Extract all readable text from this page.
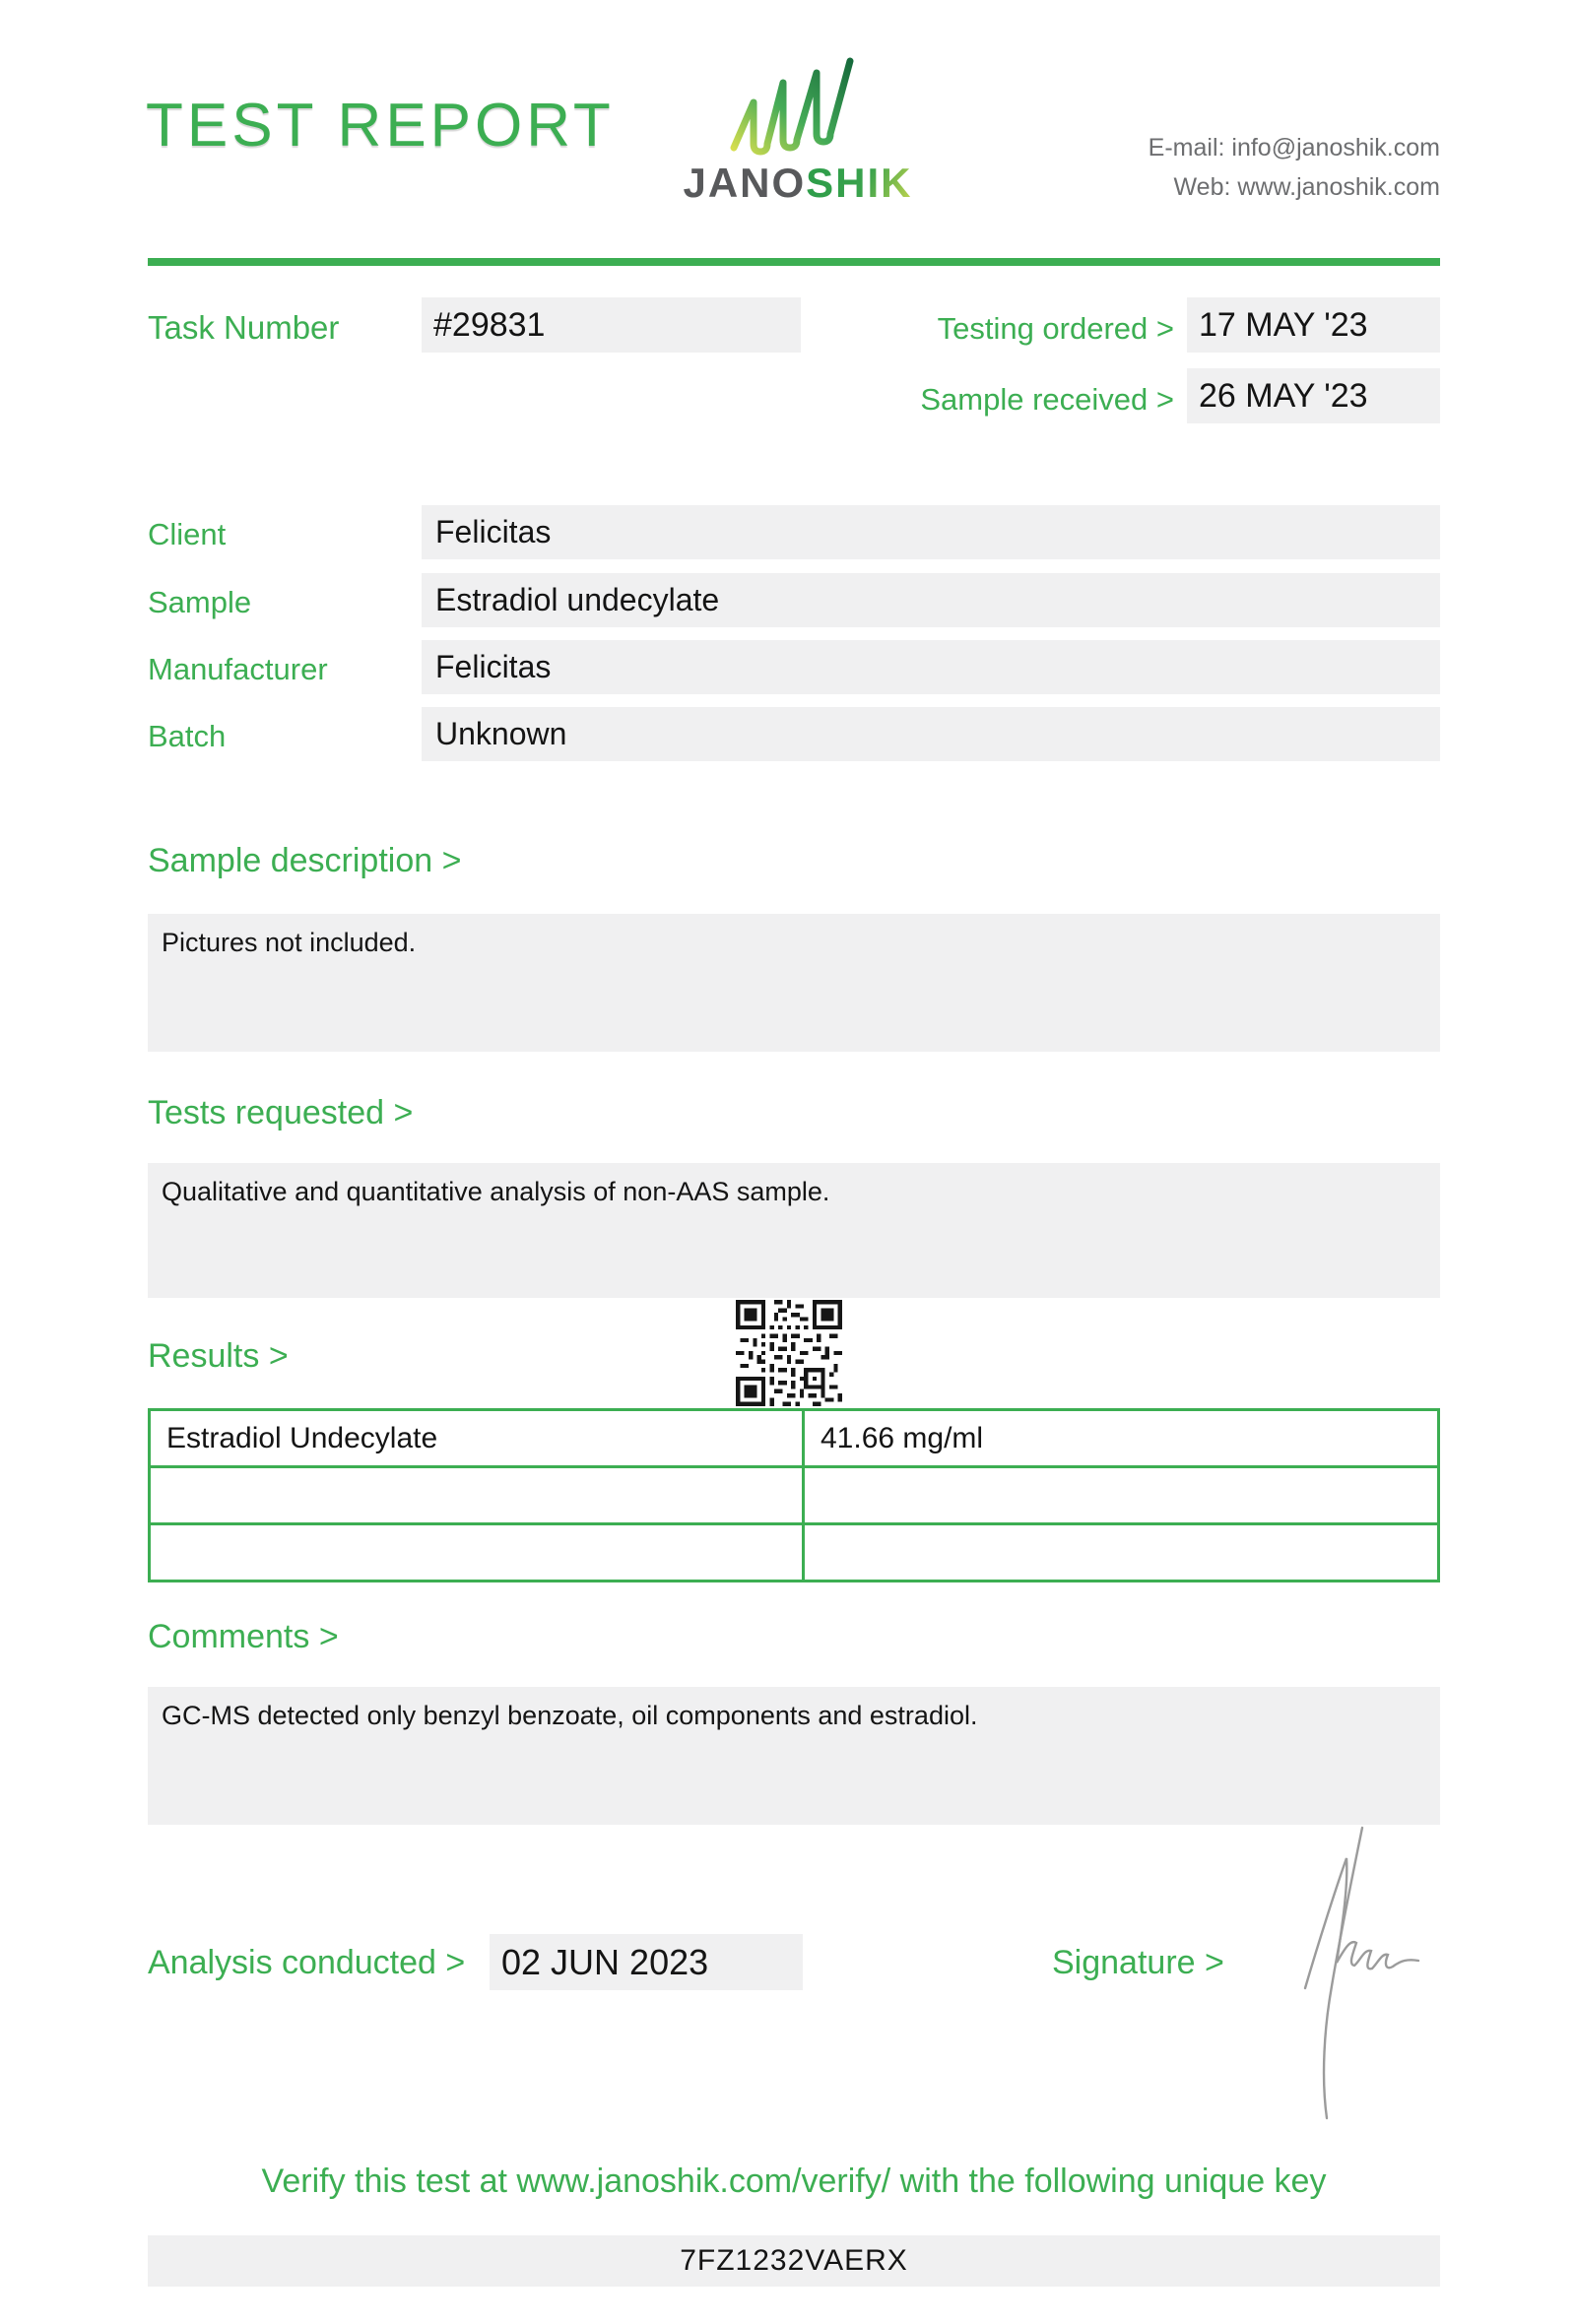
TEST REPORT
JANOSHIK
E-mail: info@janoshik.com
Web: www.janoshik.com
Task Number	#29831	Testing ordered > 17 MAY '23
Sample received > 26 MAY '23
Client	Felicitas
Sample	Estradiol undecylate
Manufacturer	Felicitas
Batch	Unknown
Sample description >

Pictures not included.

Tests requested >

Qualitative and quantitative analysis of non-AAS sample.

Results >
Estradiol Undecylate	41.66 mg/ml

Comments >

GC-MS detected only benzyl benzoate, oil components and estradiol.

Analysis conducted >	02 JUN 2023	Signature >
Verify this test at www.janoshik.com/verify/ with the following unique key
7FZ1232VAERX
